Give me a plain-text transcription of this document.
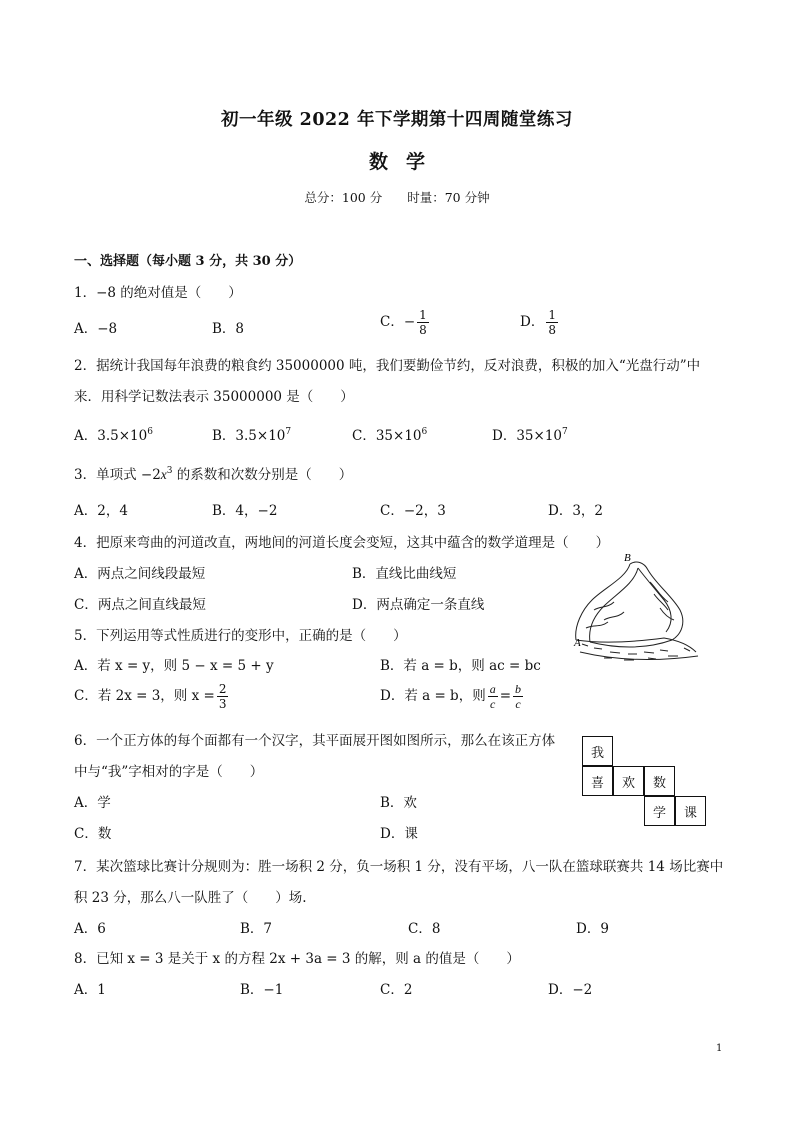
初一年级 2022 年下学期第十四周随堂练习
数学
总分：100 分　　时量：70 分钟
一、选择题（每小题 3 分，共 30 分）
1．−8 的绝对值是（　　）
A．−8	B．8	C．− $\frac{1}{8}$	D． $\frac{1}{8}$
2．据统计我国每年浪费的粮食约 35000000 吨，我们要勤俭节约，反对浪费，积极的加入“光盘行动”中
来．用科学记数法表示 35000000 是（　　）
A．$3.5\times 10^6$	B．$3.5\times 10^7$	C．$35\times 10^6$	D．$35\times 10^7$
3．单项式 $-2x^3$ 的系数和次数分别是（　　）
A．2，4	B．4，−2	C．−2，3	D．3，2
4．把原来弯曲的河道改直，两地间的河道长度会变短，这其中蕴含的数学道理是（　　）
A．两点之间线段最短	B．直线比曲线短
C．两点之间直线最短	D．两点确定一条直线
B
A
5．下列运用等式性质进行的变形中，正确的是（　　）
A．若 x = y，则 5 − x = 5 + y	B．若 a = b，则 ac = bc
C．若 2x = 3，则 $x = \frac{2}{3}$	D．若 a = b，则 $\frac{a}{c} = \frac{b}{c}$
6．一个正方体的每个面都有一个汉字，其平面展开图如图所示，那么在该正方体
中与“我”字相对的字是（　　）
A．学	B．欢
C．数	D．课
我
喜	欢	数
学	课
7．某次篮球比赛计分规则为：胜一场积 2 分，负一场积 1 分，没有平场，八一队在篮球联赛共 14 场比赛中
积 23 分，那么八一队胜了（　　）场.
A．6	B．7	C．8	D．9
8．已知 x = 3 是关于 x 的方程 2x + 3a = 3 的解，则 a 的值是（　　）
A．1	B．−1	C．2	D．−2
1
